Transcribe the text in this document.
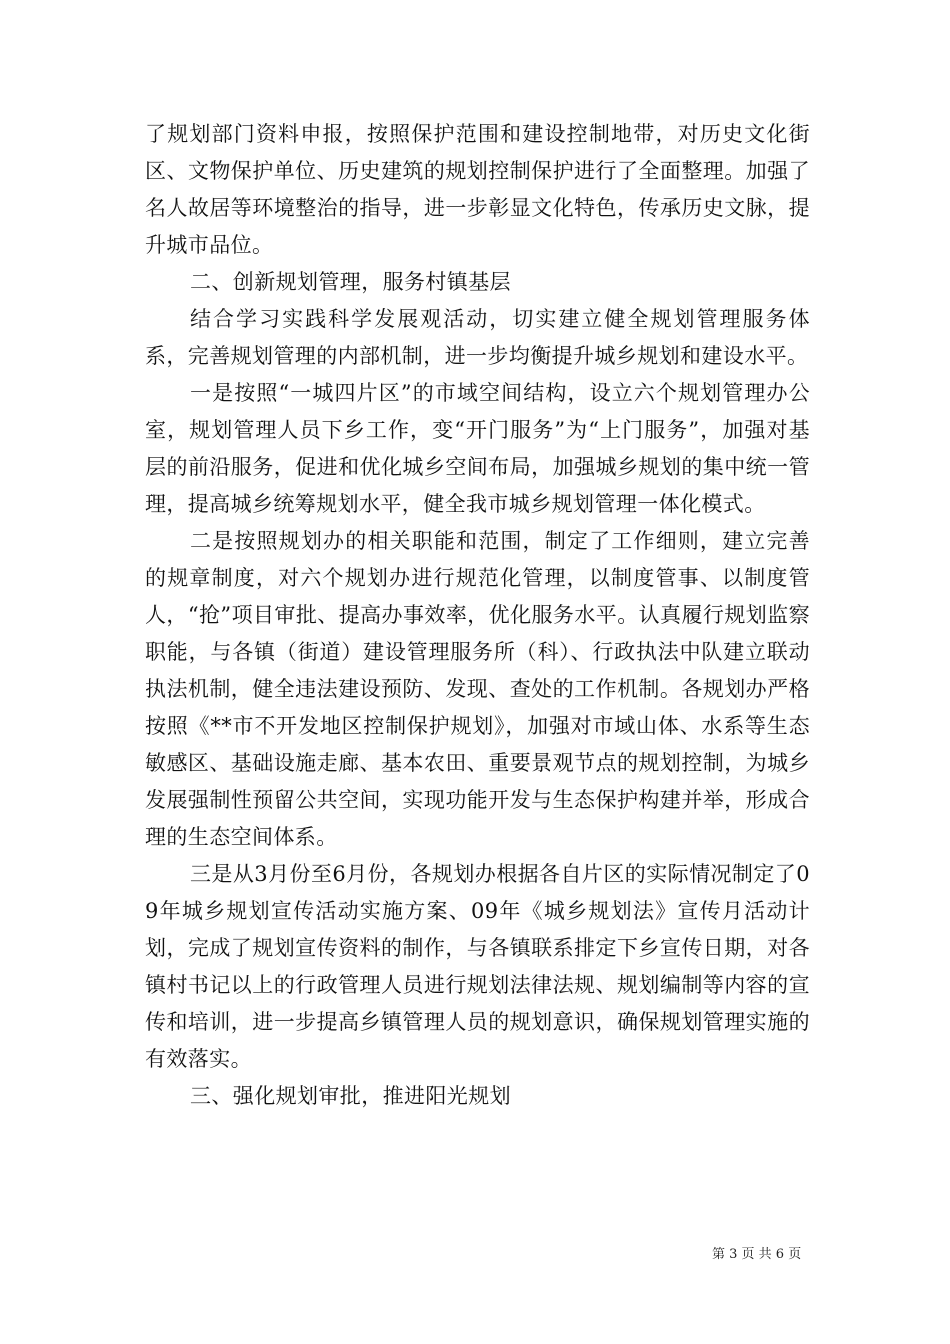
了规划部门资料申报，按照保护范围和建设控制地带，对历史文化街区、文物保护单位、历史建筑的规划控制保护进行了全面整理。加强了名人故居等环境整治的指导，进一步彰显文化特色，传承历史文脉，提升城市品位。

二、创新规划管理，服务村镇基层

结合学习实践科学发展观活动，切实建立健全规划管理服务体系，完善规划管理的内部机制，进一步均衡提升城乡规划和建设水平。

一是按照“一城四片区”的市域空间结构，设立六个规划管理办公室，规划管理人员下乡工作，变“开门服务”为“上门服务”，加强对基层的前沿服务，促进和优化城乡空间布局，加强城乡规划的集中统一管理，提高城乡统筹规划水平，健全我市城乡规划管理一体化模式。

二是按照规划办的相关职能和范围，制定了工作细则，建立完善的规章制度，对六个规划办进行规范化管理，以制度管事、以制度管人，“抢”项目审批、提高办事效率，优化服务水平。认真履行规划监察职能，与各镇（街道）建设管理服务所（科）、行政执法中队建立联动执法机制，健全违法建设预防、发现、查处的工作机制。各规划办严格按照《**市不开发地区控制保护规划》，加强对市域山体、水系等生态敏感区、基础设施走廊、基本农田、重要景观节点的规划控制，为城乡发展强制性预留公共空间，实现功能开发与生态保护构建并举，形成合理的生态空间体系。

三是从3月份至6月份，各规划办根据各自片区的实际情况制定了09年城乡规划宣传活动实施方案、09年《城乡规划法》宣传月活动计划，完成了规划宣传资料的制作，与各镇联系排定下乡宣传日期，对各镇村书记以上的行政管理人员进行规划法律法规、规划编制等内容的宣传和培训，进一步提高乡镇管理人员的规划意识，确保规划管理实施的有效落实。

三、强化规划审批，推进阳光规划

第 3 页 共 6 页
